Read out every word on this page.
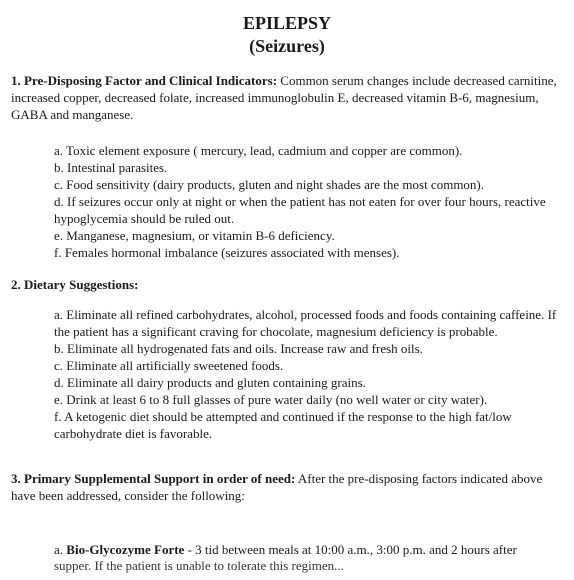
EPILEPSY
(Seizures)
1. Pre-Disposing Factor and Clinical Indicators: Common serum changes include decreased carnitine, increased copper, decreased folate, increased immunoglobulin E, decreased vitamin B-6, magnesium, GABA and manganese.
a. Toxic element exposure ( mercury, lead, cadmium and copper are common).
b. Intestinal parasites.
c. Food sensitivity (dairy products, gluten and night shades are the most common).
d. If seizures occur only at night or when the patient has not eaten for over four hours, reactive hypoglycemia should be ruled out.
e. Manganese, magnesium, or vitamin B-6 deficiency.
f. Females hormonal imbalance (seizures associated with menses).
2. Dietary Suggestions:
a. Eliminate all refined carbohydrates, alcohol, processed foods and foods containing caffeine. If the patient has a significant craving for chocolate, magnesium deficiency is probable.
b. Eliminate all hydrogenated fats and oils. Increase raw and fresh oils.
c. Eliminate all artificially sweetened foods.
d. Eliminate all dairy products and gluten containing grains.
e. Drink at least 6 to 8 full glasses of pure water daily (no well water or city water).
f. A ketogenic diet should be attempted and continued if the response to the high fat/low carbohydrate diet is favorable.
3. Primary Supplemental Support in order of need: After the pre-disposing factors indicated above have been addressed, consider the following:
a. Bio-Glycozyme Forte - 3 tid between meals at 10:00 a.m., 3:00 p.m. and 2 hours after
supper. If the patient is unable to tolerate this regimen...
